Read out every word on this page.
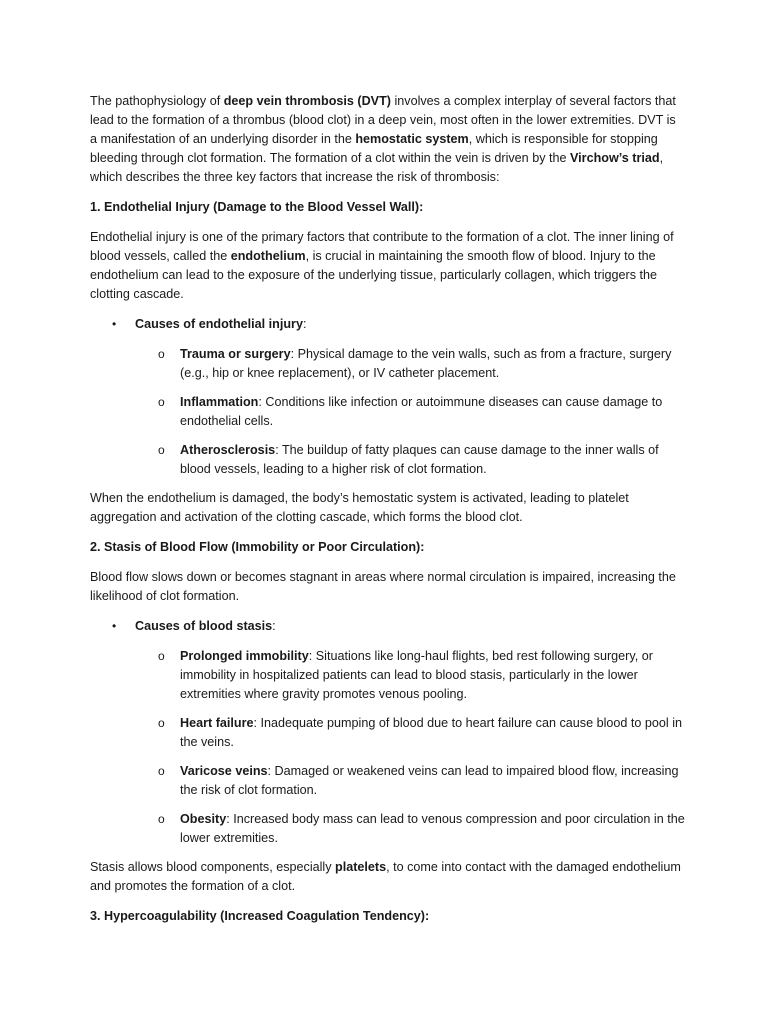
The pathophysiology of deep vein thrombosis (DVT) involves a complex interplay of several factors that lead to the formation of a thrombus (blood clot) in a deep vein, most often in the lower extremities. DVT is a manifestation of an underlying disorder in the hemostatic system, which is responsible for stopping bleeding through clot formation. The formation of a clot within the vein is driven by the Virchow’s triad, which describes the three key factors that increase the risk of thrombosis:

1. Endothelial Injury (Damage to the Blood Vessel Wall):

Endothelial injury is one of the primary factors that contribute to the formation of a clot. The inner lining of blood vessels, called the endothelium, is crucial in maintaining the smooth flow of blood. Injury to the endothelium can lead to the exposure of the underlying tissue, particularly collagen, which triggers the clotting cascade.

• Causes of endothelial injury:
o Trauma or surgery: Physical damage to the vein walls, such as from a fracture, surgery (e.g., hip or knee replacement), or IV catheter placement.
o Inflammation: Conditions like infection or autoimmune diseases can cause damage to endothelial cells.
o Atherosclerosis: The buildup of fatty plaques can cause damage to the inner walls of blood vessels, leading to a higher risk of clot formation.

When the endothelium is damaged, the body’s hemostatic system is activated, leading to platelet aggregation and activation of the clotting cascade, which forms the blood clot.

2. Stasis of Blood Flow (Immobility or Poor Circulation):

Blood flow slows down or becomes stagnant in areas where normal circulation is impaired, increasing the likelihood of clot formation.

• Causes of blood stasis:
o Prolonged immobility: Situations like long-haul flights, bed rest following surgery, or immobility in hospitalized patients can lead to blood stasis, particularly in the lower extremities where gravity promotes venous pooling.
o Heart failure: Inadequate pumping of blood due to heart failure can cause blood to pool in the veins.
o Varicose veins: Damaged or weakened veins can lead to impaired blood flow, increasing the risk of clot formation.
o Obesity: Increased body mass can lead to venous compression and poor circulation in the lower extremities.

Stasis allows blood components, especially platelets, to come into contact with the damaged endothelium and promotes the formation of a clot.

3. Hypercoagulability (Increased Coagulation Tendency):
